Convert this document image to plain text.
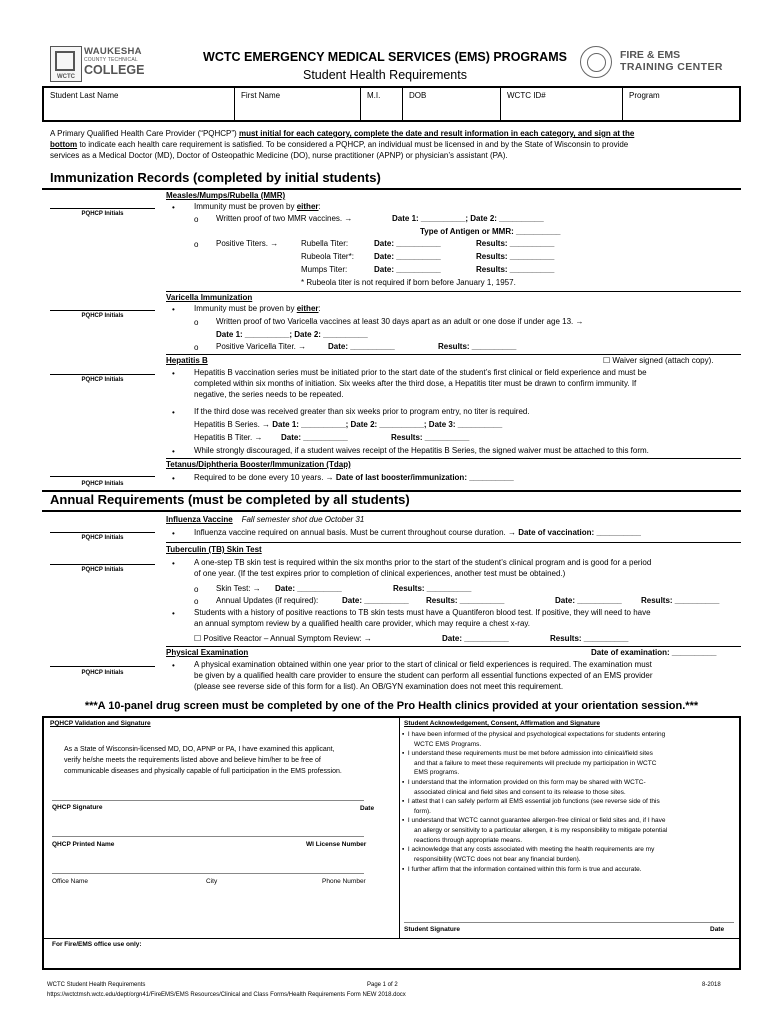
WCTC
WAUKESHA
COUNTY TECHNICAL
COLLEGE
WCTC EMERGENCY MEDICAL SERVICES (EMS) PROGRAMS
Student Health Requirements
FIRE & EMS
TRAINING CENTER
Student Last Name	First Name	M.I.	DOB	WCTC ID#	Program
A Primary Qualified Health Care Provider (“PQHCP”) must initial for each category, complete the date and result information in each category, and sign at the
bottom to indicate each health care requirement is satisfied. To be considered a PQHCP, an individual must be licensed in and by the State of Wisconsin to provide
services as a Medical Doctor (MD), Doctor of Osteopathic Medicine (DO), nurse practitioner (APNP) or physician’s assistant (PA).
Immunization Records (completed by initial students)
PQHCP Initials
Measles/Mumps/Rubella (MMR)
• Immunity must be proven by either:
o Written proof of two MMR vaccines. →	Date 1: __________; Date 2: __________
Type of Antigen or MMR: __________
o Positive Titers. →	Rubella Titer:	Date: __________	Results: __________
Rubeola Titer*:	Date: __________	Results: __________
Mumps Titer:	Date: __________	Results: __________
* Rubeola titer is not required if born before January 1, 1957.
PQHCP Initials
Varicella Immunization
• Immunity must be proven by either:
o Written proof of two Varicella vaccines at least 30 days apart as an adult or one dose if under age 13. →
Date 1: __________; Date 2: __________
o Positive Varicella Titer. →	Date: __________	Results: __________
PQHCP Initials
Hepatitis B	☐ Waiver signed (attach copy).
• Hepatitis B vaccination series must be initiated prior to the start date of the student’s first clinical or field experience and must be
completed within six months of initiation. Six weeks after the third dose, a Hepatitis titer must be drawn to confirm immunity. If
negative, the series needs to be repeated.
• If the third dose was received greater than six weeks prior to program entry, no titer is required.
Hepatitis B Series. → Date 1: __________; Date 2: __________; Date 3: __________
Hepatitis B Titer. → Date: __________	Results: __________
• While strongly discouraged, if a student waives receipt of the Hepatitis B Series, the signed waiver must be attached to this form.
PQHCP Initials
Tetanus/Diphtheria Booster/Immunization (Tdap)
• Required to be done every 10 years. → Date of last booster/immunization: __________
Annual Requirements (must be completed by all students)
PQHCP Initials
Influenza Vaccine Fall semester shot due October 31
• Influenza vaccine required on annual basis. Must be current throughout course duration. → Date of vaccination: __________
PQHCP Initials
Tuberculin (TB) Skin Test
• A one-step TB skin test is required within the six months prior to the start of the student’s clinical program and is good for a period
of one year. (If the test expires prior to completion of clinical experiences, another test must be obtained.)
o Skin Test: → Date: __________	Results: __________
o Annual Updates (if required):	Date: __________ Results: __________	Date: __________ Results: __________
• Students with a history of positive reactions to TB skin tests must have a Quantiferon blood test. If positive, they will need to have
an annual symptom review by a qualified health care provider, which may require a chest x-ray.
☐ Positive Reactor – Annual Symptom Review: →	Date: __________	Results: __________
PQHCP Initials
Physical Examination	Date of examination: __________
• A physical examination obtained within one year prior to the start of clinical or field experiences is required. The examination must
be given by a qualified health care provider to ensure the student can perform all essential functions expected of an EMS provider
(please see reverse side of this form for a list). An OB/GYN examination does not meet this requirement.
***A 10-panel drug screen must be completed by one of the Pro Health clinics provided at your orientation session.***
PQHCP Validation and Signature
As a State of Wisconsin-licensed MD, DO, APNP or PA, I have examined this applicant,
verify he/she meets the requirements listed above and believe him/her to be free of
communicable diseases and physically capable of full participation in the EMS profession.
QHCP Signature	Date
QHCP Printed Name	WI License Number
Office Name	City	Phone Number
Student Acknowledgement, Consent, Affirmation and Signature
▪  I have been informed of the physical and psychological expectations for students entering
WCTC EMS Programs.
▪  I understand these requirements must be met before admission into clinical/field sites
and that a failure to meet these requirements will preclude my participation in WCTC
EMS programs.
▪  I understand that the information provided on this form may be shared with WCTC-
associated clinical and field sites and consent to its release to those sites.
▪  I attest that I can safely perform all EMS essential job functions (see reverse side of this
form).
▪  I understand that WCTC cannot guarantee allergen-free clinical or field sites and, if I have
an allergy or sensitivity to a particular allergen, it is my responsibility to mitigate potential
reactions through appropriate means.
▪  I acknowledge that any costs associated with meeting the health requirements are my
responsibility (WCTC does not bear any financial burden).
▪  I further affirm that the information contained within this form is true and accurate.
Student Signature	Date
For Fire/EMS office use only:
WCTC Student Health Requirements	Page 1 of 2	8-2018
https://wctctmsh.wctc.edu/dept/orgn41/FireEMS/EMS Resources/Clinical and Class Forms/Health Requirements Form NEW 2018.docx
